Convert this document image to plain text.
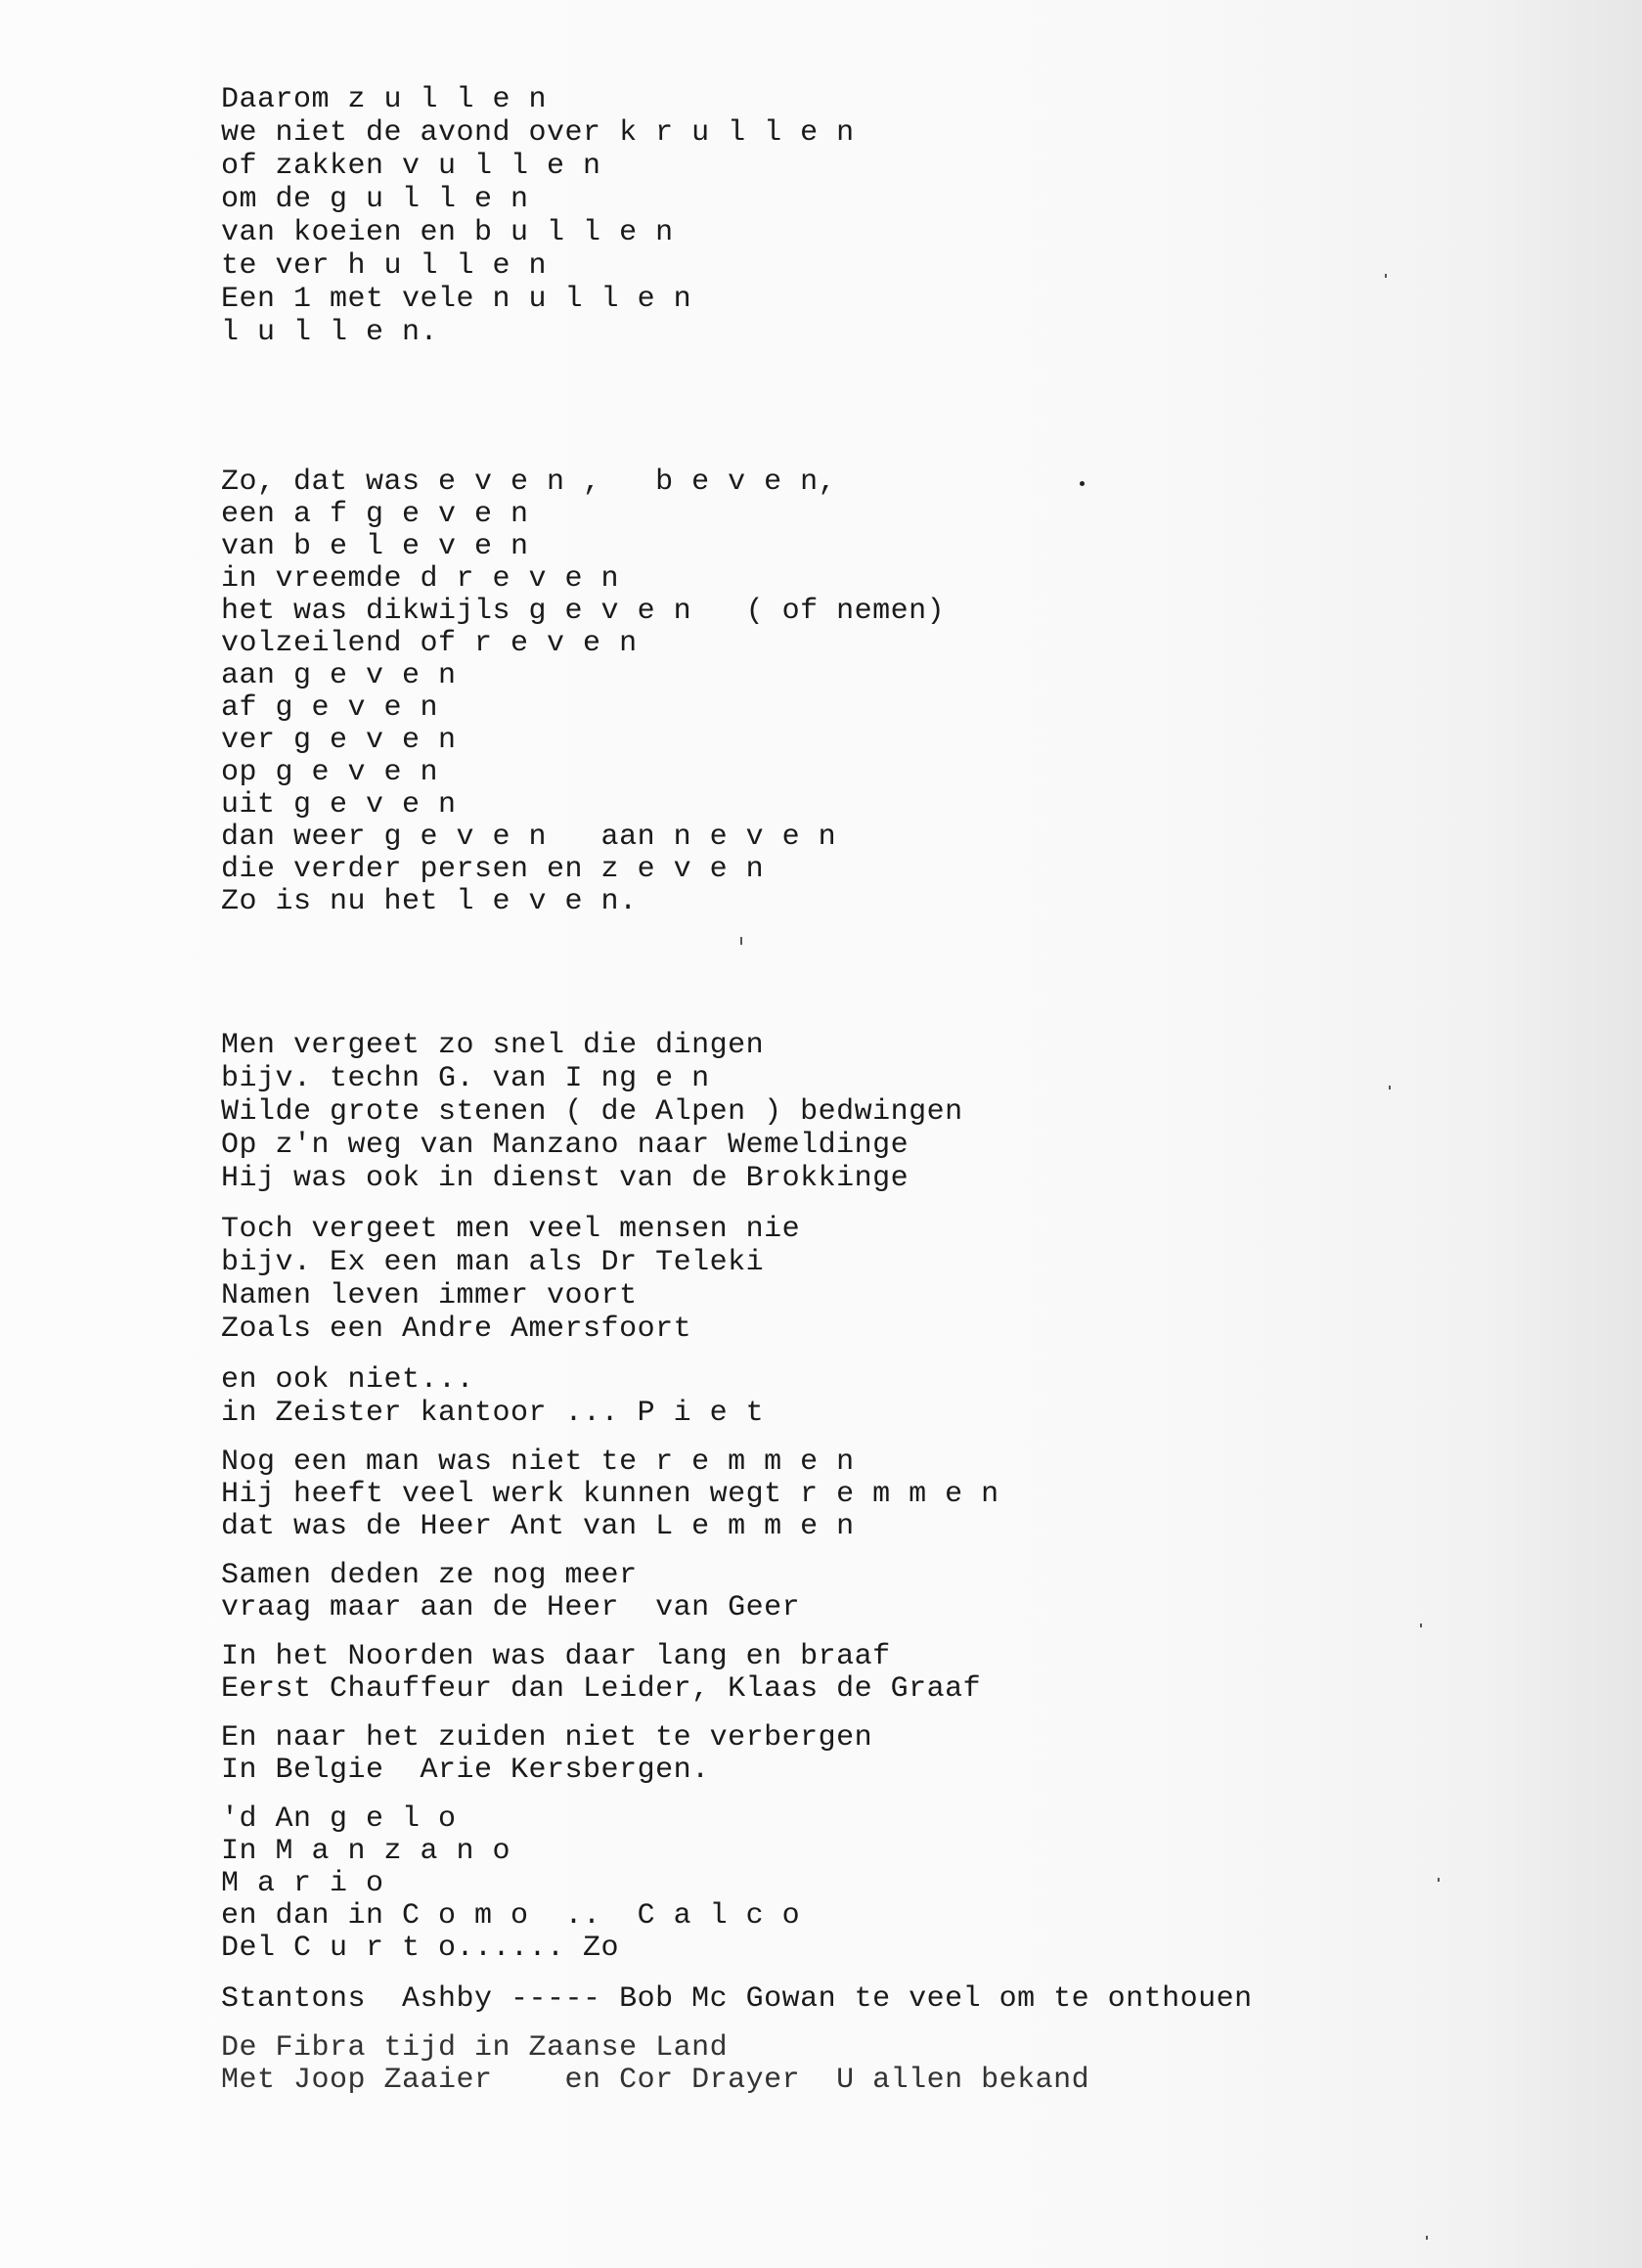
Daarom z u l l e n
we niet de avond over k r u l l e n
of zakken v u l l e n
om de g u l l e n
van koeien en b u l l e n
te ver h u l l e n
Een 1 met vele n u l l e n
l u l l e n.
Zo, dat was e v e n ,   b e v e n,
een a f g e v e n
van b e l e v e n
in vreemde d r e v e n
het was dikwijls g e v e n   ( of nemen)
volzeilend of r e v e n
aan g e v e n
af g e v e n
ver g e v e n
op g e v e n
uit g e v e n
dan weer g e v e n   aan n e v e n
die verder persen en z e v e n
Zo is nu het l e v e n.
Men vergeet zo snel die dingen
bijv. techn G. van I ng e n
Wilde grote stenen ( de Alpen ) bedwingen
Op z'n weg van Manzano naar Wemeldinge
Hij was ook in dienst van de Brokkinge
Toch vergeet men veel mensen nie
bijv. Ex een man als Dr Teleki
Namen leven immer voort
Zoals een Andre Amersfoort
en ook niet...
in Zeister kantoor ... P i e t
Nog een man was niet te r e m m e n
Hij heeft veel werk kunnen wegt r e m m e n
dat was de Heer Ant van L e m m e n
Samen deden ze nog meer
vraag maar aan de Heer  van Geer
In het Noorden was daar lang en braaf
Eerst Chauffeur dan Leider, Klaas de Graaf
En naar het zuiden niet te verbergen
In Belgie  Arie Kersbergen.
'd An g e l o
In M a n z a n o
M a r i o
en dan in C o m o  ..  C a l c o
Del C u r t o...... Zo
Stantons  Ashby ----- Bob Mc Gowan te veel om te onthouen
De Fibra tijd in Zaanse Land
Met Joop Zaaier    en Cor Drayer  U allen bekand
